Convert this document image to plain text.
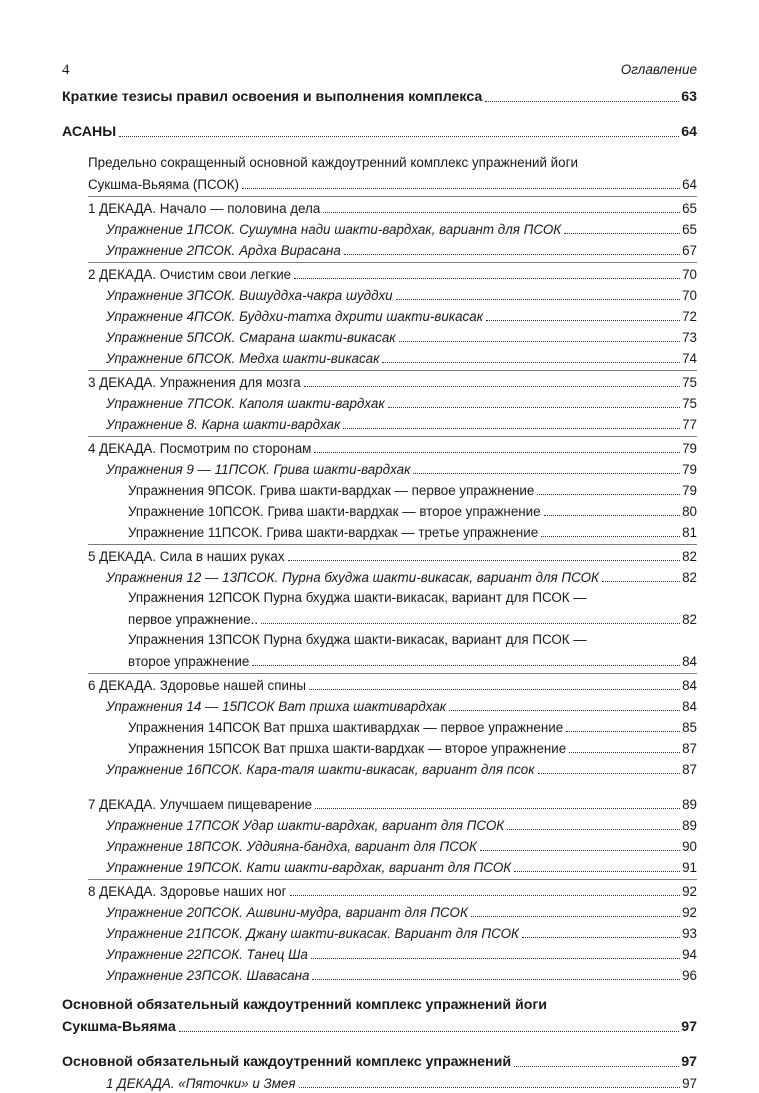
4	Оглавление
Краткие тезисы правил освоения и выполнения комплекса	63
АСАНЫ	64
Предельно сокращенный основной каждоутренний комплекс упражнений йоги
Сукшма-Вьяяма (ПСОК)	64
1 ДЕКАДА. Начало — половина дела	65
Упражнение 1ПСОК. Сушумна нади шакти-вардхак, вариант для ПСОК	65
Упражнение 2ПСОК. Ардха Вирасана	67
2 ДЕКАДА. Очистим свои легкие	70
Упражнение 3ПСОК. Вишуддха-чакра шуддхи	70
Упражнение 4ПСОК. Буддхи-татха дхрити шакти-викасак	72
Упражнение 5ПСОК. Смарана шакти-викасак	73
Упражнение 6ПСОК. Медха шакти-викасак	74
3 ДЕКАДА. Упражнения для мозга	75
Упражнение 7ПСОК. Каполя шакти-вардхак	75
Упражнение 8. Карна шакти-вардхак	77
4 ДЕКАДА. Посмотрим по сторонам	79
Упражнения 9 — 11ПСОК. Грива шакти-вардхак	79
Упражнения 9ПСОК. Грива шакти-вардхак — первое упражнение	79
Упражнение 10ПСОК. Грива шакти-вардхак — второе упражнение	80
Упражнение 11ПСОК. Грива шакти-вардхак — третье упражнение	81
5 ДЕКАДА. Сила в наших руках	82
Упражнения 12 — 13ПСОК. Пурна бхуджа шакти-викасак, вариант для ПСОК	82
Упражнения 12ПСОК Пурна бхуджа шакти-викасак, вариант для ПСОК —
первое упражнение..	82
Упражнения 13ПСОК Пурна бхуджа шакти-викасак, вариант для ПСОК —
второе упражнение	84
6 ДЕКАДА. Здоровье нашей спины	84
Упражнения 14 — 15ПСОК Ват пршха шактивардхак	84
Упражнения 14ПСОК Ват пршха шактивардхак — первое упражнение	85
Упражнения 15ПСОК Ват пршха шакти-вардхак — второе упражнение	87
Упражнение 16ПСОК. Кара-таля шакти-викасак, вариант для псок	87
7 ДЕКАДА. Улучшаем пищеварение	89
Упражнение 17ПСОК Удар шакти-вардхак, вариант для ПСОК	89
Упражнение 18ПСОК. Уддияна-бандха, вариант для ПСОК	90
Упражнение 19ПСОК. Кати шакти-вардхак, вариант для ПСОК	91
8 ДЕКАДА. Здоровье наших ног	92
Упражнение 20ПСОК. Ашвини-мудра, вариант для ПСОК	92
Упражнение 21ПСОК. Джану шакти-викасак. Вариант для ПСОК	93
Упражнение 22ПСОК. Танец Ша	94
Упражнение 23ПСОК. Шавасана	96
Основной обязательный каждоутренний комплекс упражнений йоги
Сукшма-Вьяяма	97
Основной обязательный каждоутренний комплекс упражнений	97
1 ДЕКАДА. «Пяточки» и Змея	97
